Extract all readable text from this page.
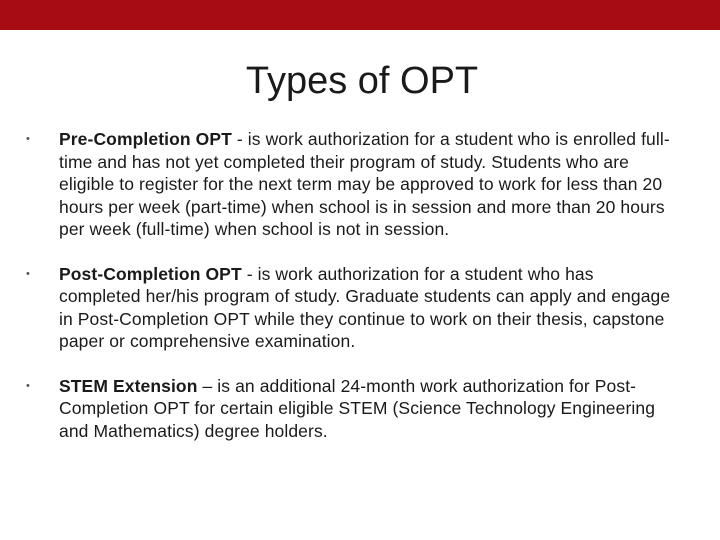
Types of OPT
•	Pre-Completion OPT - is work authorization for a student who is enrolled full-time and has not yet completed their program of study. Students who are eligible to register for the next term may be approved to work for less than 20 hours per week (part-time) when school is in session and more than 20 hours per week (full-time) when school is not in session.
•	Post-Completion OPT - is work authorization for a student who has completed her/his program of study. Graduate students can apply and engage in Post-Completion OPT while they continue to work on their thesis, capstone paper or comprehensive examination.
•	STEM Extension – is an additional 24-month work authorization for Post-Completion OPT for certain eligible STEM (Science Technology Engineering and Mathematics) degree holders.
